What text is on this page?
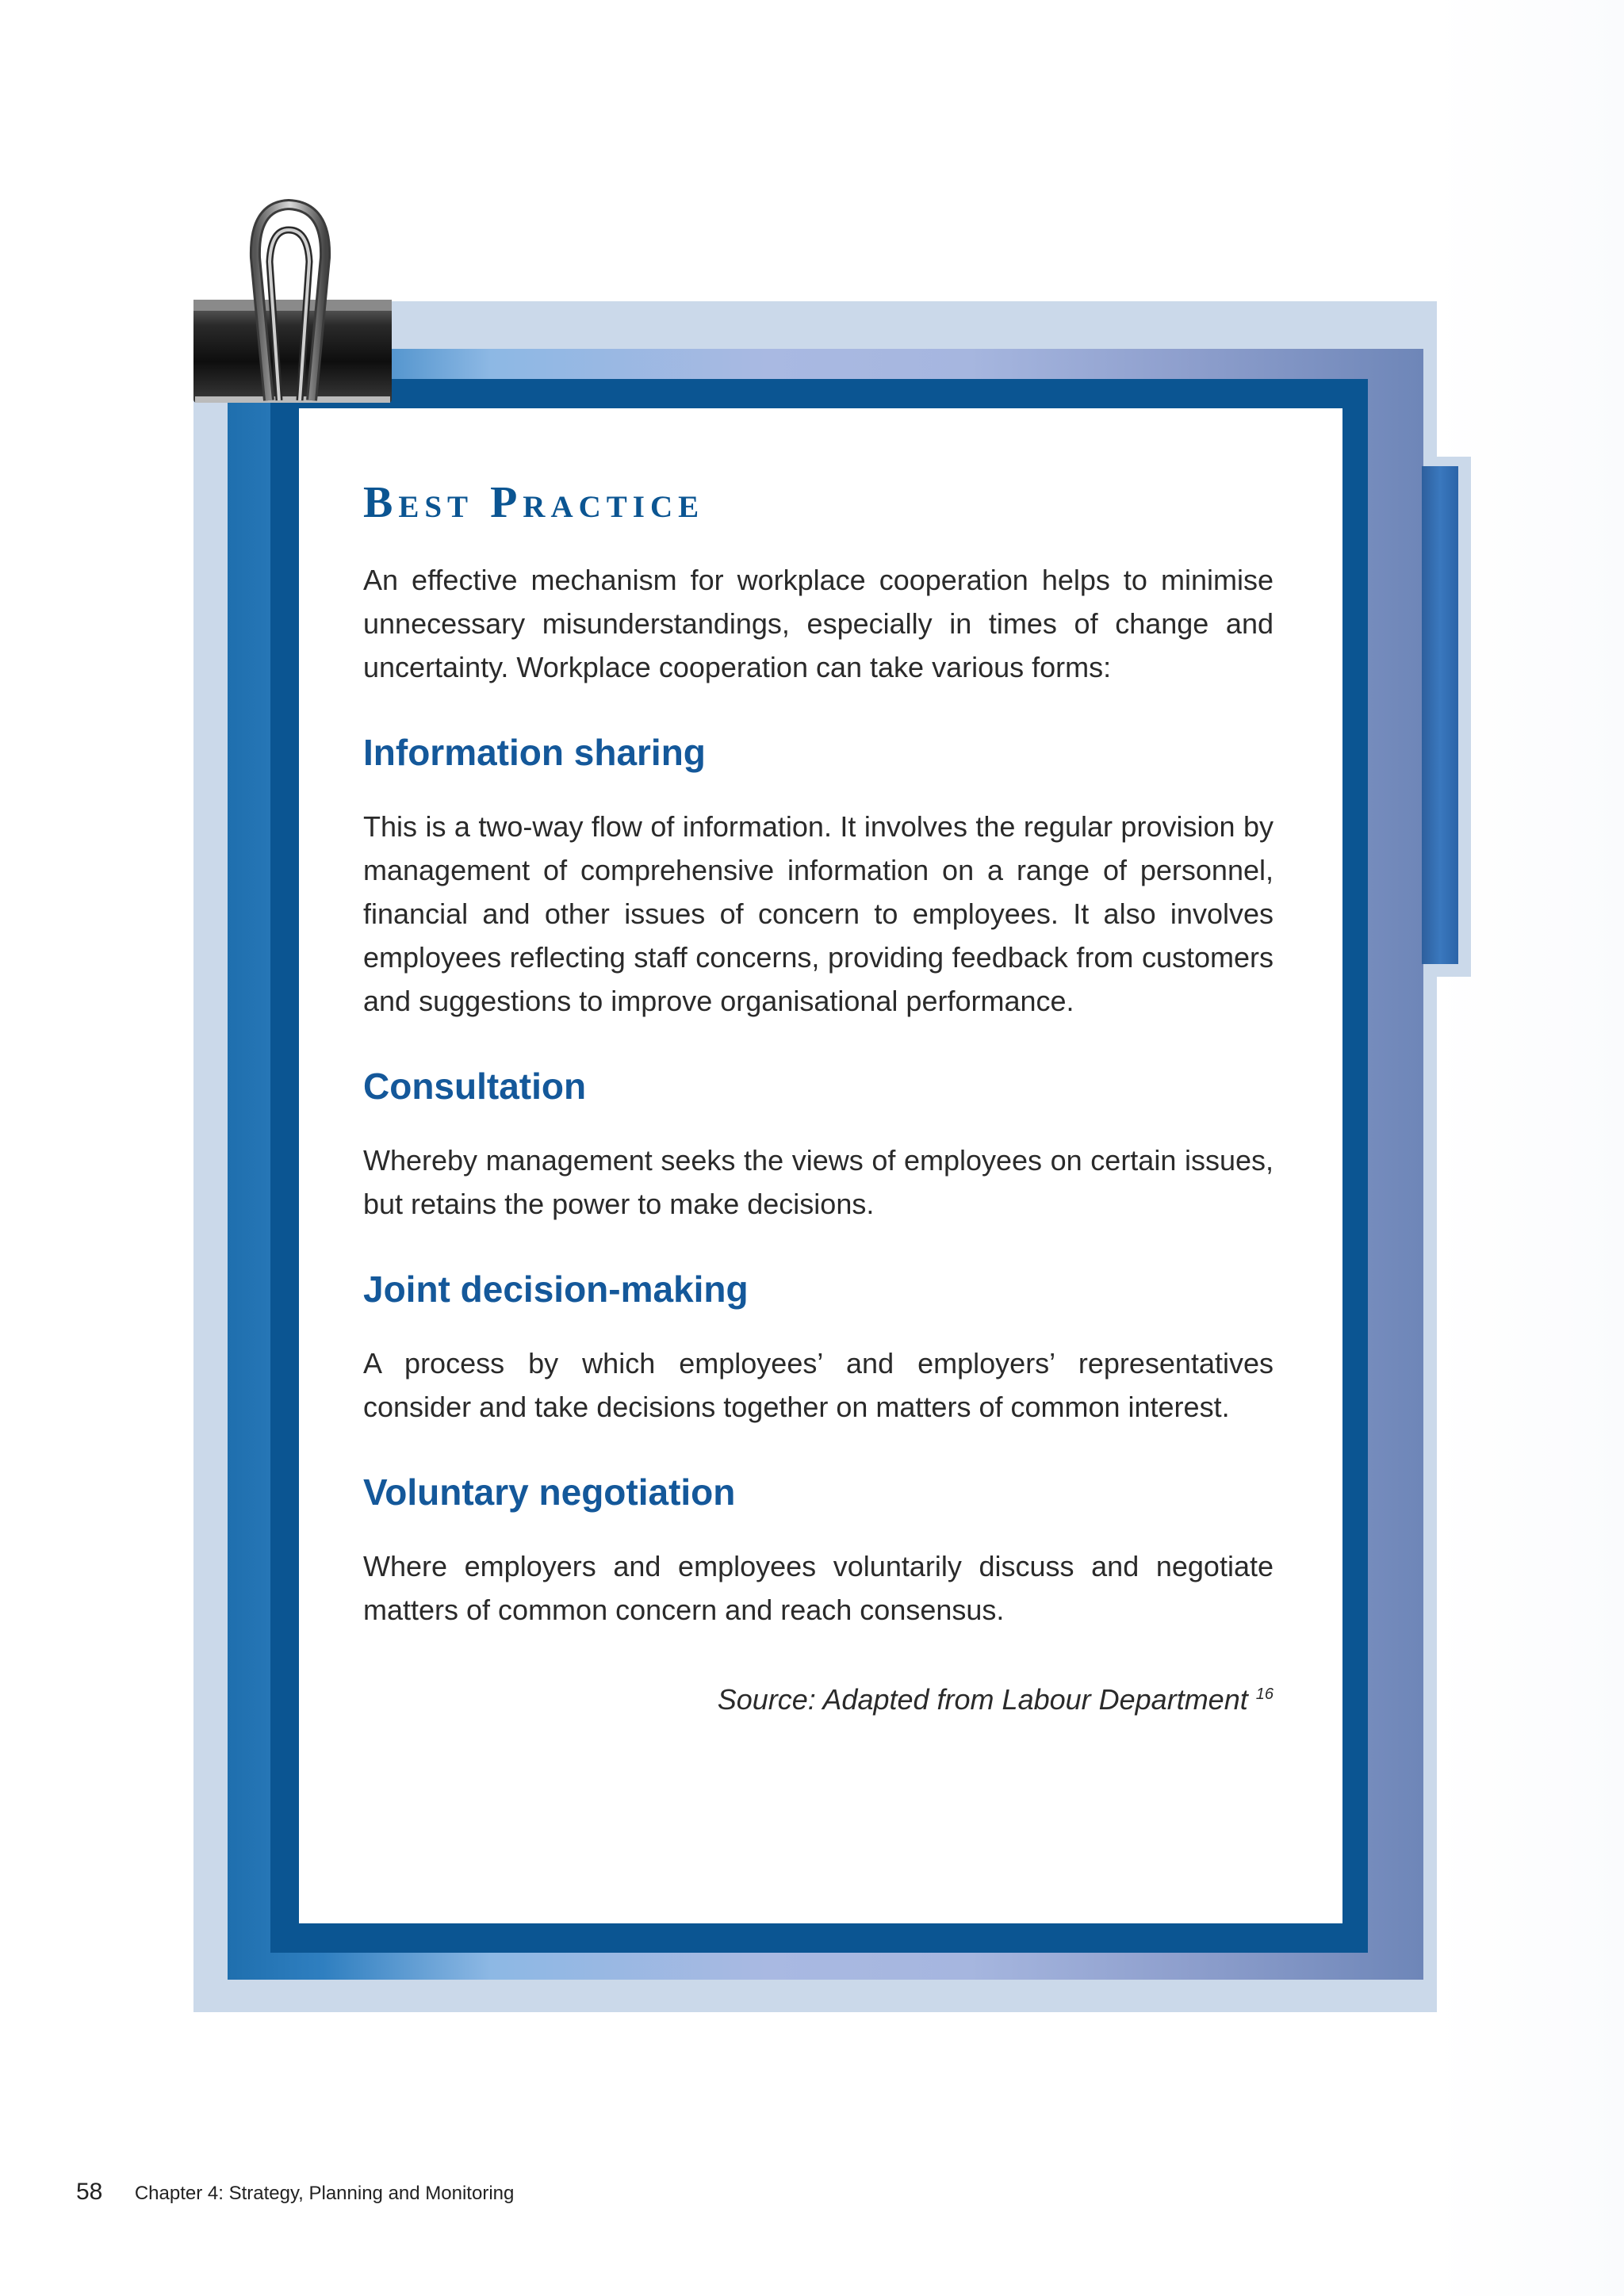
Best Practice

An effective mechanism for workplace cooperation helps to minimise unnecessary misunderstandings, especially in times of change and uncertainty. Workplace cooperation can take various forms:

Information sharing

This is a two-way flow of information. It involves the regular provision by management of comprehensive information on a range of personnel, financial and other issues of concern to employees. It also involves employees reflecting staff concerns, providing feedback from customers and suggestions to improve organisational performance.

Consultation

Whereby management seeks the views of employees on certain issues, but retains the power to make decisions.

Joint decision-making

A process by which employees’ and employers’ representatives consider and take decisions together on matters of common interest.

Voluntary negotiation

Where employers and employees voluntarily discuss and negotiate matters of common concern and reach consensus.

Source: Adapted from Labour Department $^{16}$
58 Chapter 4: Strategy, Planning and Monitoring
